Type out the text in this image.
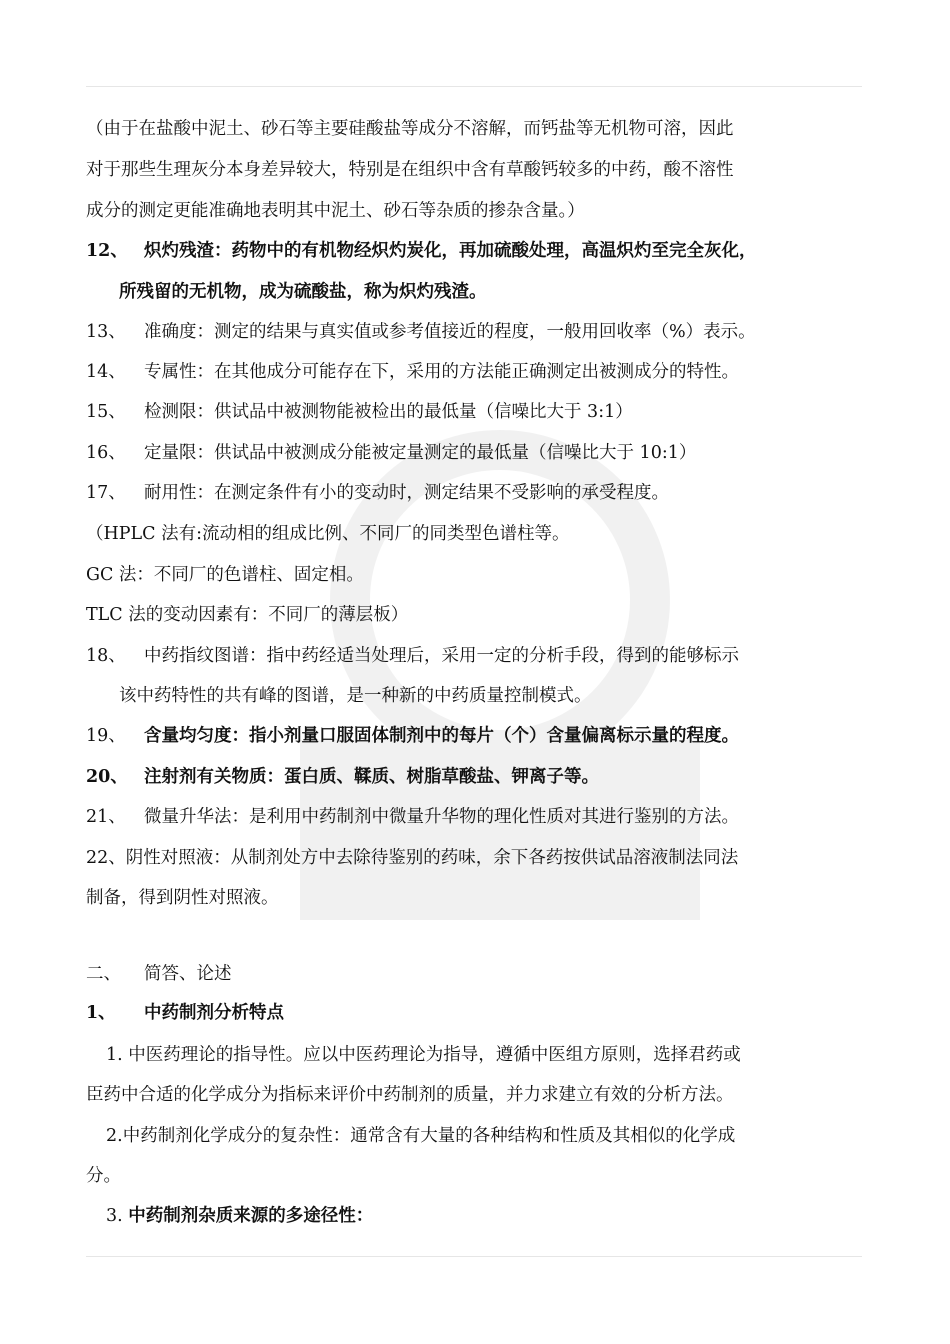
（由于在盐酸中泥土、砂石等主要硅酸盐等成分不溶解，而钙盐等无机物可溶，因此
对于那些生理灰分本身差异较大，特别是在组织中含有草酸钙较多的中药，酸不溶性
成分的测定更能准确地表明其中泥土、砂石等杂质的掺杂含量。）
12、 炽灼残渣：药物中的有机物经炽灼炭化，再加硫酸处理，高温炽灼至完全灰化，
所残留的无机物，成为硫酸盐，称为炽灼残渣。
13、 准确度：测定的结果与真实值或参考值接近的程度，一般用回收率（%）表示。
14、 专属性：在其他成分可能存在下，采用的方法能正确测定出被测成分的特性。
15、 检测限：供试品中被测物能被检出的最低量（信噪比大于 3:1）
16、 定量限：供试品中被测成分能被定量测定的最低量（信噪比大于 10:1）
17、 耐用性：在测定条件有小的变动时，测定结果不受影响的承受程度。
（HPLC 法有:流动相的组成比例、不同厂的同类型色谱柱等。
GC 法：不同厂的色谱柱、固定相。
TLC 法的变动因素有：不同厂的薄层板）
18、 中药指纹图谱：指中药经适当处理后，采用一定的分析手段，得到的能够标示
该中药特性的共有峰的图谱，是一种新的中药质量控制模式。
19、 含量均匀度：指小剂量口服固体制剂中的每片（个）含量偏离标示量的程度。
20、 注射剂有关物质：蛋白质、鞣质、树脂草酸盐、钾离子等。
21、 微量升华法：是利用中药制剂中微量升华物的理化性质对其进行鉴别的方法。
22、阴性对照液：从制剂处方中去除待鉴别的药味，余下各药按供试品溶液制法同法
制备，得到阴性对照液。
二、 简答、论述
1、 中药制剂分析特点
1. 中医药理论的指导性。应以中医药理论为指导，遵循中医组方原则，选择君药或
臣药中合适的化学成分为指标来评价中药制剂的质量，并力求建立有效的分析方法。
2.中药制剂化学成分的复杂性：通常含有大量的各种结构和性质及其相似的化学成
分。
3. 中药制剂杂质来源的多途径性：
